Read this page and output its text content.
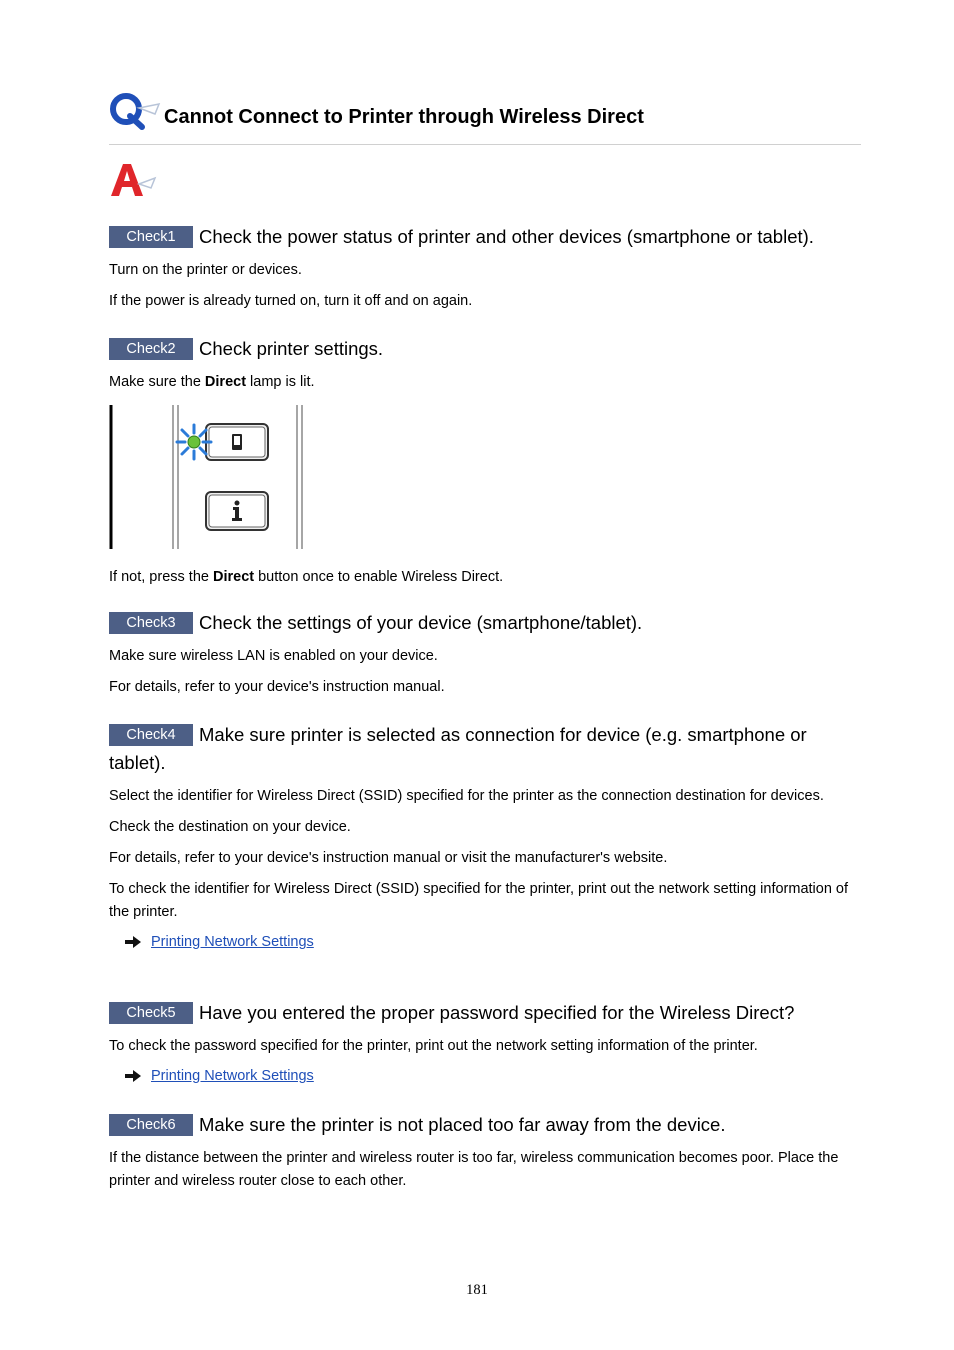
Cannot Connect to Printer through Wireless Direct
Check1 Check the power status of printer and other devices (smartphone or tablet).
Turn on the printer or devices.
If the power is already turned on, turn it off and on again.
Check2 Check printer settings.
Make sure the Direct lamp is lit.
If not, press the Direct button once to enable Wireless Direct.
Check3 Check the settings of your device (smartphone/tablet).
Make sure wireless LAN is enabled on your device.
For details, refer to your device's instruction manual.
Check4 Make sure printer is selected as connection for device (e.g. smartphone or tablet).
Select the identifier for Wireless Direct (SSID) specified for the printer as the connection destination for devices.
Check the destination on your device.
For details, refer to your device's instruction manual or visit the manufacturer's website.
To check the identifier for Wireless Direct (SSID) specified for the printer, print out the network setting information of the printer.
Printing Network Settings
Check5 Have you entered the proper password specified for the Wireless Direct?
To check the password specified for the printer, print out the network setting information of the printer.
Printing Network Settings
Check6 Make sure the printer is not placed too far away from the device.
If the distance between the printer and wireless router is too far, wireless communication becomes poor. Place the printer and wireless router close to each other.
181
